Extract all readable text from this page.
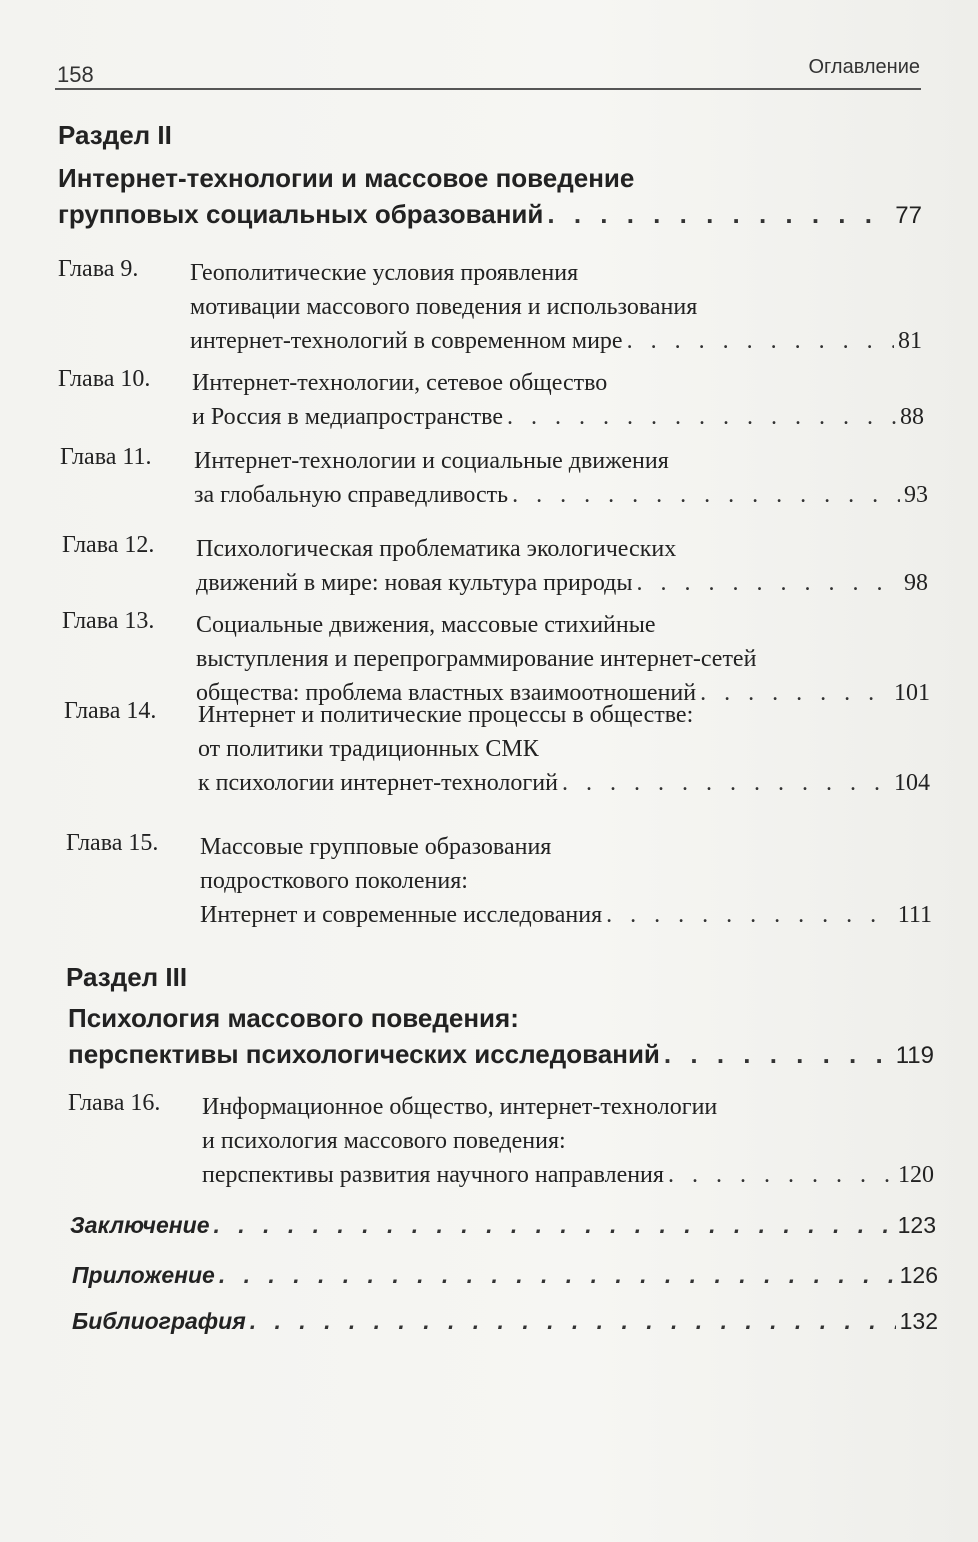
158	Оглавление
Раздел II
Интернет-технологии и массовое поведение
групповых социальных образований . . .	77
Глава 9. Геополитические условия проявления
мотивации массового поведения и использования
интернет-технологий в современном мире . . .	81
Глава 10. Интернет-технологии, сетевое общество
и Россия в медиапространстве . . .	88
Глава 11. Интернет-технологии и социальные движения
за глобальную справедливость . . .	93
Глава 12. Психологическая проблематика экологических
движений в мире: новая культура природы . . .	98
Глава 13. Социальные движения, массовые стихийные
выступления и перепрограммирование интернет-сетей
общества: проблема властных взаимоотношений . . .	101
Глава 14. Интернет и политические процессы в обществе:
от политики традиционных СМК
к психологии интернет-технологий . . .	104
Глава 15. Массовые групповые образования
подросткового поколения:
Интернет и современные исследования . . .	111
Раздел III
Психология массового поведения:
перспективы психологических исследований . . .	119
Глава 16. Информационное общество, интернет-технологии
и психология массового поведения:
перспективы развития научного направления . . .	120
Заключение . . .	123
Приложение . . .	126
Библиография . . .	132
